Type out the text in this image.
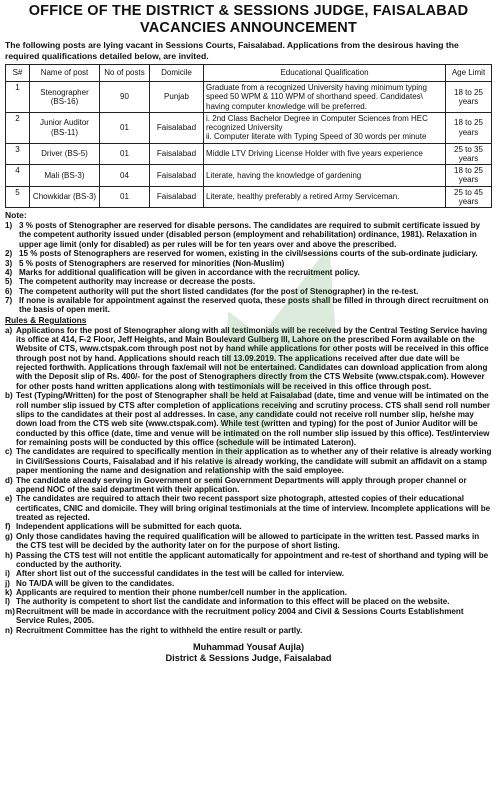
OFFICE OF THE DISTRICT & SESSIONS JUDGE, FAISALABAD
VACANCIES ANNOUNCEMENT
The following posts are lying vacant in Sessions Courts, Faisalabad. Applications from the desirous having the required qualifications detailed below, are invited.
S#	Name of post	No of posts	Domicile	Educational Qualification	Age Limit
1	Stenographer (BS-16)	90	Punjab	Graduate from a recognized University having minimum typing speed 50 WPM & 110 WPM of shorthand speed. Candidates\ having computer knowledge will be preferred.	18 to 25 years
2	Junior Auditor (BS-11)	01	Faisalabad	i. 2nd Class Bachelor Degree in Computer Sciences from HEC recognized University
ii. Computer literate with Typing Speed of 30 words per minute	18 to 25 years
3	Driver (BS-5)	01	Faisalabad	Middle LTV Driving License Holder with five years experience	25 to 35 years
4	Mali (BS-3)	04	Faisalabad	Literate, having the knowledge of gardening	18 to 25 years
5	Chowkidar (BS-3)	01	Faisalabad	Literate, healthy preferably a retired Army Serviceman.	25 to 45 years
Note:
1) 3 % posts of Stenographer are reserved for disable persons. The candidates are required to submit certificate issued by the competent authority issued under (disabled person (employment and rehabilitation) ordinance, 1981). Relaxation in upper age limit (only for disabled) as per rules will be for ten years over and above the prescribed.
2) 15 % posts of Stenographers are reserved for women, existing in the civil/sessions courts of the sub-ordinate judiciary.
3) 5 % posts of Stenographers are reserved for minorities (Non-Muslim)
4) Marks for additional qualification will be given in accordance with the recruitment policy.
5) The competent authority may increase or decrease the posts.
6) The competent authority will put the short listed candidates (for the post of Stenographer) in the re-test.
7) If none is available for appointment against the reserved quota, these posts shall be filled in through direct recruitment on the basis of open merit.
Rules & Regulations
a) Applications for the post of Stenographer along with all testimonials will be received by the Central Testing Service having its office at 414, F-2 Floor, Jeff Heights, and Main Boulevard Gulberg III, Lahore on the prescribed Form available on the Website of CTS, www.ctspak.com through post not by hand while applications for other posts will be received in this office through post not by hand. Applications should reach till 13.09.2019. The applications received after due date will be rejected forthwith. Applications through fax/email will not be entertained. Candidates can download application from along with the Deposit slip of Rs. 400/- for the post of Stenographers directly from the CTS Website (www.ctspak.com). However for other posts hand written applications along with testimonials will be received in this office through post.
b) Test (Typing/Written) for the post of Stenographer shall be held at Faisalabad (date, time and venue will be intimated on the roll number slip issued by CTS after completion of applications receiving and scrutiny process. CTS shall send roll number slips to the candidates at their post al addresses. In case, any candidate could not receive roll number slip, he/she may down load from the CTS web site (www.ctspak.com). While test (written and typing) for the post of Junior Auditor will be conducted by this office (date, time and venue will be intimated on the roll number slip issued by this office). Test/interview for remaining posts will be conducted by this office (schedule will be intimated Lateron).
c) The candidates are required to specifically mention in their application as to whether any of their relative is already working in Civil/Sessions Courts, Faisalabad and if his relative is already working, the candidate will submit an affidavit on a stamp paper mentioning the name and designation and relationship with the said employee.
d) The candidate already serving in Government or semi Government Departments will apply through proper channel or append NOC of the said department with their application.
e) The candidates are required to attach their two recent passport size photograph, attested copies of their educational certificates, CNIC and domicile. They will bring original testimonials at the time of interview. Incomplete applications will be treated as rejected.
f) Independent applications will be submitted for each quota.
g) Only those candidates having the required qualification will be allowed to participate in the written test. Passed marks in the CTS test will be decided by the authority later on for the purpose of short listing.
h) Passing the CTS test will not entitle the applicant automatically for appointment and re-test of shorthand and typing will be conducted by the authority.
i) After short list out of the successful candidates in the test will be called for interview.
j) No TA/DA will be given to the candidates.
k) Applicants are required to mention their phone number/cell number in the application.
l) The authority is competent to short list the candidate and information to this effect will be placed on the website.
m) Recruitment will be made in accordance with the recruitment policy 2004 and Civil & Sessions Courts Establishment Service Rules, 2005.
n) Recruitment Committee has the right to withheld the entire result or partly.
Muhammad Yousaf Aujla)
District & Sessions Judge, Faisalabad
